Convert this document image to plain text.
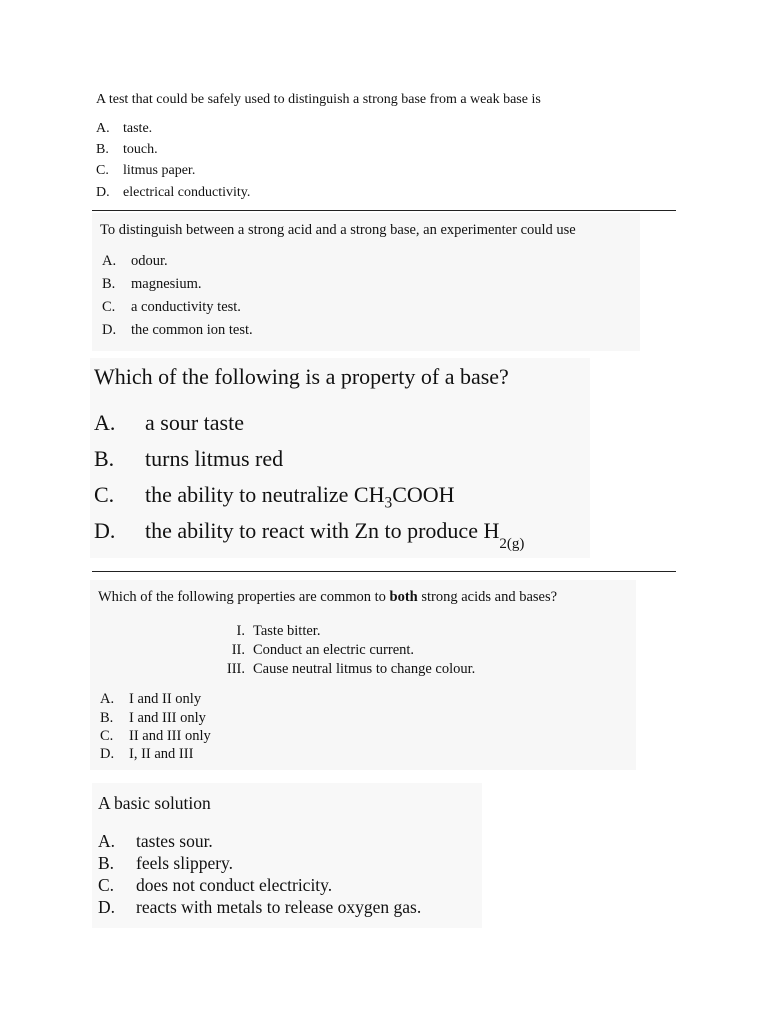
A test that could be safely used to distinguish a strong base from a weak base is
A. taste.
B. touch.
C. litmus paper.
D. electrical conductivity.
To distinguish between a strong acid and a strong base, an experimenter could use
A. odour.
B. magnesium.
C. a conductivity test.
D. the common ion test.
Which of the following is a property of a base?
A. a sour taste
B. turns litmus red
C. the ability to neutralize $CH_3COOH$
D. the ability to react with Zn to produce $H_{2(g)}$
Which of the following properties are common to both strong acids and bases?
I. Taste bitter.
II. Conduct an electric current.
III. Cause neutral litmus to change colour.
A. I and II only
B. I and III only
C. II and III only
D. I, II and III
A basic solution
A. tastes sour.
B. feels slippery.
C. does not conduct electricity.
D. reacts with metals to release oxygen gas.
